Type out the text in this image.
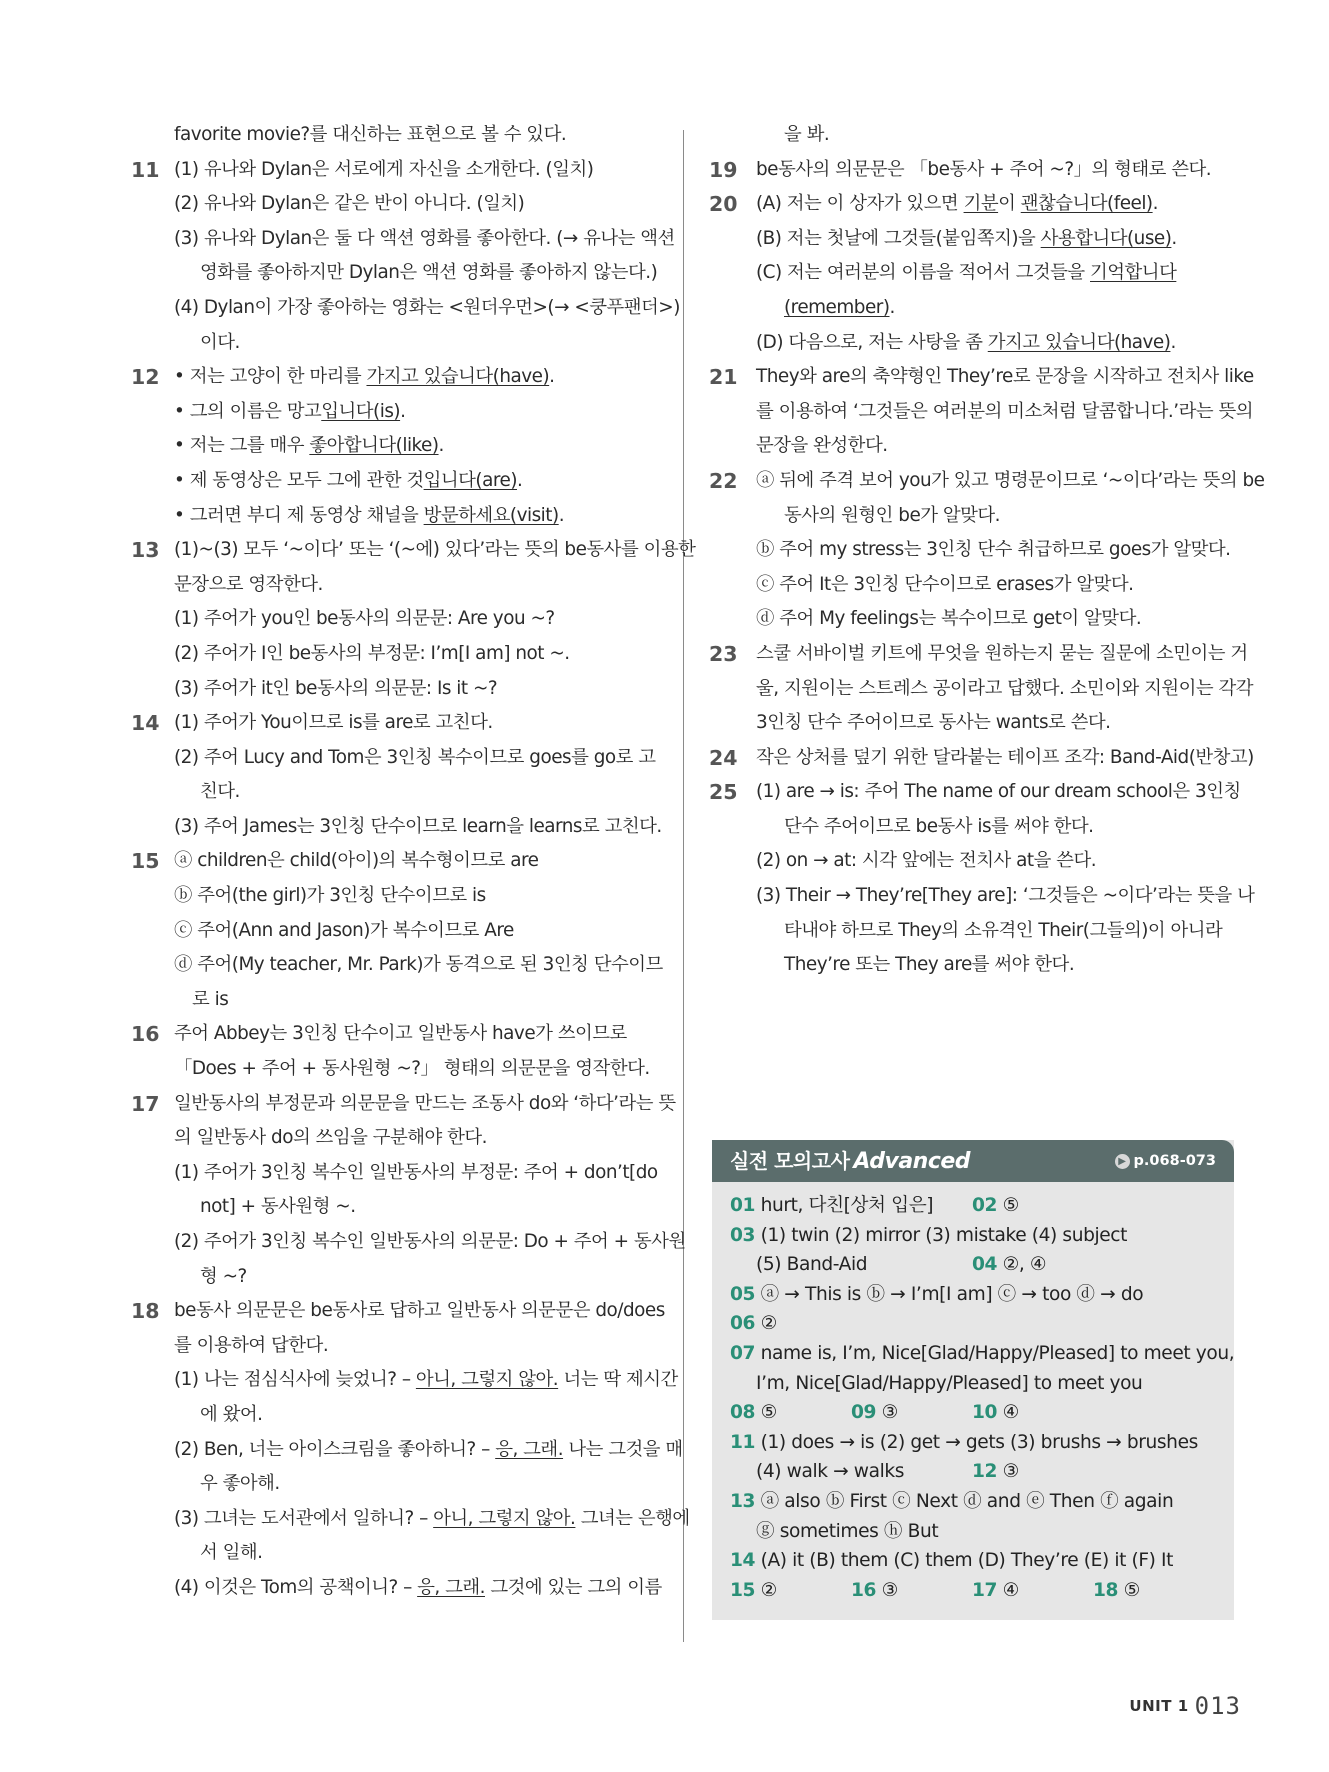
favorite movie?를 대신하는 표현으로 볼 수 있다.
11 (1) 유나와 Dylan은 서로에게 자신을 소개한다. (일치)
(2) 유나와 Dylan은 같은 반이 아니다. (일치)
(3) 유나와 Dylan은 둘 다 액션 영화를 좋아한다. (→ 유나는 액션
영화를 좋아하지만 Dylan은 액션 영화를 좋아하지 않는다.)
(4) Dylan이 가장 좋아하는 영화는 <원더우먼>(→ <쿵푸팬더>)
이다.
12 • 저는 고양이 한 마리를 가지고 있습니다(have).
• 그의 이름은 망고입니다(is).
• 저는 그를 매우 좋아합니다(like).
• 제 동영상은 모두 그에 관한 것입니다(are).
• 그러면 부디 제 동영상 채널을 방문하세요(visit).
13 (1)~(3) 모두 ‘~이다’ 또는 ‘(~에) 있다’라는 뜻의 be동사를 이용한
문장으로 영작한다.
(1) 주어가 you인 be동사의 의문문: Are you ~?
(2) 주어가 I인 be동사의 부정문: I’m[I am] not ~.
(3) 주어가 it인 be동사의 의문문: Is it ~?
14 (1) 주어가 You이므로 is를 are로 고친다.
(2) 주어 Lucy and Tom은 3인칭 복수이므로 goes를 go로 고
친다.
(3) 주어 James는 3인칭 단수이므로 learn을 learns로 고친다.
15 ⓐ children은 child(아이)의 복수형이므로 are
ⓑ 주어(the girl)가 3인칭 단수이므로 is
ⓒ 주어(Ann and Jason)가 복수이므로 Are
ⓓ 주어(My teacher, Mr. Park)가 동격으로 된 3인칭 단수이므
로 is
16 주어 Abbey는 3인칭 단수이고 일반동사 have가 쓰이므로
「Does + 주어 + 동사원형 ~?」 형태의 의문문을 영작한다.
17 일반동사의 부정문과 의문문을 만드는 조동사 do와 ‘하다’라는 뜻
의 일반동사 do의 쓰임을 구분해야 한다.
(1) 주어가 3인칭 복수인 일반동사의 부정문: 주어 + don’t[do
not] + 동사원형 ~.
(2) 주어가 3인칭 복수인 일반동사의 의문문: Do + 주어 + 동사원
형 ~?
18 be동사 의문문은 be동사로 답하고 일반동사 의문문은 do/does
를 이용하여 답한다.
(1) 나는 점심식사에 늦었니? – 아니, 그렇지 않아. 너는 딱 제시간
에 왔어.
(2) Ben, 너는 아이스크림을 좋아하니? – 응, 그래. 나는 그것을 매
우 좋아해.
(3) 그녀는 도서관에서 일하니? – 아니, 그렇지 않아. 그녀는 은행에
서 일해.
(4) 이것은 Tom의 공책이니? – 응, 그래. 그것에 있는 그의 이름
을 봐.
19 be동사의 의문문은 「be동사 + 주어 ~?」의 형태로 쓴다.
20 (A) 저는 이 상자가 있으면 기분이 괜찮습니다(feel).
(B) 저는 첫날에 그것들(붙임쪽지)을 사용합니다(use).
(C) 저는 여러분의 이름을 적어서 그것들을 기억합니다
(remember).
(D) 다음으로, 저는 사탕을 좀 가지고 있습니다(have).
21 They와 are의 축약형인 They’re로 문장을 시작하고 전치사 like
를 이용하여 ‘그것들은 여러분의 미소처럼 달콤합니다.’라는 뜻의
문장을 완성한다.
22 ⓐ 뒤에 주격 보어 you가 있고 명령문이므로 ‘~이다’라는 뜻의 be
동사의 원형인 be가 알맞다.
ⓑ 주어 my stress는 3인칭 단수 취급하므로 goes가 알맞다.
ⓒ 주어 It은 3인칭 단수이므로 erases가 알맞다.
ⓓ 주어 My feelings는 복수이므로 get이 알맞다.
23 스쿨 서바이벌 키트에 무엇을 원하는지 묻는 질문에 소민이는 거
울, 지원이는 스트레스 공이라고 답했다. 소민이와 지원이는 각각
3인칭 단수 주어이므로 동사는 wants로 쓴다.
24 작은 상처를 덮기 위한 달라붙는 테이프 조각: Band-Aid(반창고)
25 (1) are → is: 주어 The name of our dream school은 3인칭
단수 주어이므로 be동사 is를 써야 한다.
(2) on → at: 시각 앞에는 전치사 at을 쓴다.
(3) Their → They’re[They are]: ‘그것들은 ~이다’라는 뜻을 나
타내야 하므로 They의 소유격인 Their(그들의)이 아니라
They’re 또는 They are를 써야 한다.
실전 모의고사 Advanced	▶ p.068-073
01 hurt, 다친[상처 입은] 02 ⑤
03 (1) twin (2) mirror (3) mistake (4) subject
(5) Band-Aid	04 ②, ④
05 ⓐ → This is ⓑ → I’m[I am] ⓒ → too ⓓ → do
06 ②
07 name is, I’m, Nice[Glad/Happy/Pleased] to meet you,
I’m, Nice[Glad/Happy/Pleased] to meet you
08 ⑤	09 ③	10 ④
11 (1) does → is (2) get → gets (3) brushs → brushes
(4) walk → walks	12 ③
13 ⓐ also ⓑ First ⓒ Next ⓓ and ⓔ Then ⓕ again
ⓖ sometimes ⓗ But
14 (A) it (B) them (C) them (D) They’re (E) it (F) It
15 ②	16 ③	17 ④	18 ⑤
UNIT 1 013
